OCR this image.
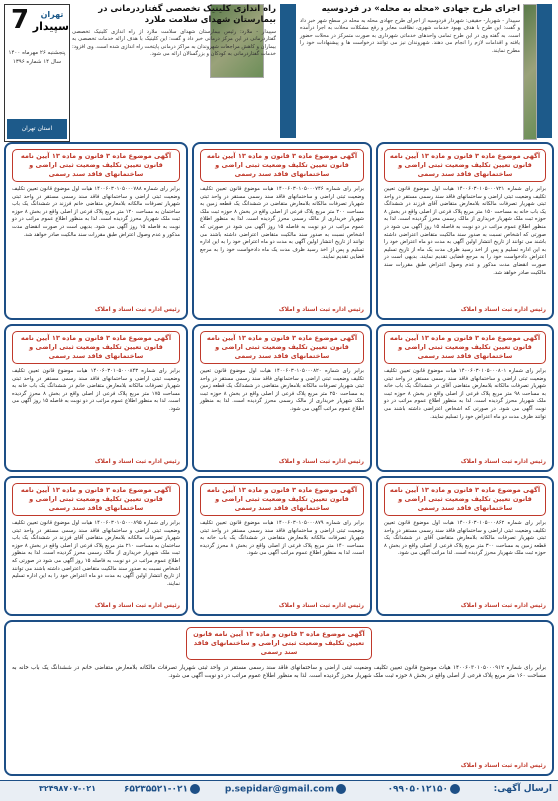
7	تهران
سپیدار
پنجشنبه ۲۶ مهرماه ۱۴۰۰
سال ۱۴ شماره ۱۳۹۶
استان تهران
راه اندازی کلینیک تخصصی گفتاردرمانی در بیمارستان شهدای سلامت ملارد
سپیدار - ملارد: رئیس بیمارستان شهدای سلامت ملارد از راه اندازی کلینیک تخصصی گفتاردرمانی در این مرکز درمانی خبر داد و گفت: این کلینیک با هدف ارائه خدمات تخصصی به بیماران و کاهش مراجعات شهروندان به مراکز درمانی پایتخت راه اندازی شده است. وی افزود: خدمات گفتاردرمانی به کودکان و بزرگسالان ارائه می شود.
اجرای طرح جهادی «محله به محله» در فردوسیه
سپیدار - شهریار- حقیقی: شهردار فردوسیه از اجرای طرح جهادی محله به محله در سطح شهر خبر داد و گفت: این طرح با هدف بهبود خدمات شهری، نظافت معابر و رفع مشکلات محلات به اجرا درآمده است. به گفته وی در این طرح تمامی واحدهای خدماتی شهرداری به صورت متمرکز در محلات حضور یافته و اقدامات لازم را انجام می دهند. شهروندان نیز می توانند درخواست ها و پیشنهادات خود را مطرح نمایند.
آگهی موضوع ماده ۳ قانون و ماده ۱۳ آیین نامه قانون تعیین تکلیف وضعیت ثبتی اراضی و ساختمانهای فاقد سند رسمی
برابر رای شماره ۱۴۰۰۶۰۳۰۱۰۵۰۰۰۷۲۱ هیات اول موضوع قانون تعیین تکلیف وضعیت ثبتی اراضی و ساختمانهای فاقد سند رسمی مستقر در واحد ثبتی شهریار تصرفات مالکانه بلامعارض متقاضی آقای فرزند در ششدانگ یک باب خانه به مساحت ۱۵۰ متر مربع پلاک فرعی از اصلی واقع در بخش ۸ حوزه ثبت ملک شهریار خریداری از مالک رسمی محرز گردیده است. لذا به منظور اطلاع عموم مراتب در دو نوبت به فاصله ۱۵ روز آگهی می شود در صورتی که اشخاص نسبت به صدور سند مالکیت متقاضی اعتراضی داشته باشند می توانند از تاریخ انتشار اولین آگهی به مدت دو ماه اعتراض خود را به این اداره تسلیم و پس از اخذ رسید ظرف مدت یک ماه از تاریخ تسلیم اعتراض دادخواست خود را به مرجع قضایی تقدیم نمایند. بدیهی است در صورت انقضای مدت مذکور و عدم وصول اعتراض طبق مقررات سند مالکیت صادر خواهد شد.
رئیس اداره ثبت اسناد و املاک
آگهی موضوع ماده ۳ قانون و ماده ۱۳ آیین نامه قانون تعیین تکلیف وضعیت ثبتی اراضی و ساختمانهای فاقد سند رسمی
برابر رای شماره ۱۴۰۰۶۰۳۰۱۰۵۰۰۰۷۴۶ هیات موضوع قانون تعیین تکلیف وضعیت ثبتی اراضی و ساختمانهای فاقد سند رسمی مستقر در واحد ثبتی شهریار تصرفات مالکانه بلامعارض متقاضی در ششدانگ یک قطعه زمین به مساحت ۲۰۰ متر مربع پلاک فرعی از اصلی واقع در بخش ۸ حوزه ثبت ملک شهریار خریداری از مالک رسمی محرز گردیده است. لذا به منظور اطلاع عموم مراتب در دو نوبت به فاصله ۱۵ روز آگهی می شود در صورتی که اشخاص نسبت به صدور سند مالکیت متقاضی اعتراضی داشته باشند می توانند از تاریخ انتشار اولین آگهی به مدت دو ماه اعتراض خود را به این اداره تسلیم و پس از اخذ رسید ظرف مدت یک ماه دادخواست خود را به مرجع قضایی تقدیم نمایند.
رئیس اداره ثبت اسناد و املاک
آگهی موضوع ماده ۳ قانون و ماده ۱۳ آیین نامه قانون تعیین تکلیف وضعیت ثبتی اراضی و ساختمانهای فاقد سند رسمی
برابر رای شماره ۱۴۰۰۶۰۳۰۱۰۵۰۰۰۷۸۸ هیات اول موضوع قانون تعیین تکلیف وضعیت ثبتی اراضی و ساختمانهای فاقد سند رسمی مستقر در واحد ثبتی شهریار تصرفات مالکانه بلامعارض متقاضی خانم فرزند در ششدانگ یک باب ساختمان به مساحت ۱۲۰ متر مربع پلاک فرعی از اصلی واقع در بخش ۸ حوزه ثبت ملک شهریار محرز گردیده است. لذا به منظور اطلاع عموم مراتب در دو نوبت به فاصله ۱۵ روز آگهی می شود. بدیهی است در صورت انقضای مدت مذکور و عدم وصول اعتراض طبق مقررات سند مالکیت صادر خواهد شد.
رئیس اداره ثبت اسناد و املاک
آگهی موضوع ماده ۳ قانون و ماده ۱۳ آیین نامه قانون تعیین تکلیف وضعیت ثبتی اراضی و ساختمانهای فاقد سند رسمی
برابر رای شماره ۱۴۰۰۶۰۳۰۱۰۵۰۰۰۸۰۱ هیات موضوع قانون تعیین تکلیف وضعیت ثبتی اراضی و ساختمانهای فاقد سند رسمی مستقر در واحد ثبتی شهریار تصرفات مالکانه بلامعارض متقاضی آقای در ششدانگ یک باب خانه به مساحت ۹۸ متر مربع پلاک فرعی از اصلی واقع در بخش ۸ حوزه ثبت ملک شهریار محرز گردیده است. لذا به منظور اطلاع عموم مراتب در دو نوبت آگهی می شود. در صورتی که اشخاص اعتراضی داشته باشند می توانند ظرف مدت دو ماه اعتراض خود را تسلیم نمایند.
رئیس اداره ثبت اسناد و املاک
آگهی موضوع ماده ۳ قانون و ماده ۱۳ آیین نامه قانون تعیین تکلیف وضعیت ثبتی اراضی و ساختمانهای فاقد سند رسمی
برابر رای شماره ۱۴۰۰۶۰۳۰۱۰۵۰۰۰۸۲۰ هیات اول موضوع قانون تعیین تکلیف وضعیت ثبتی اراضی و ساختمانهای فاقد سند رسمی مستقر در واحد ثبتی شهریار تصرفات مالکانه بلامعارض متقاضی در ششدانگ یک قطعه زمین به مساحت ۲۵۰ متر مربع پلاک فرعی از اصلی واقع در بخش ۸ حوزه ثبت ملک شهریار خریداری از مالک رسمی محرز گردیده است. لذا به منظور اطلاع عموم مراتب آگهی می شود.
رئیس اداره ثبت اسناد و املاک
آگهی موضوع ماده ۳ قانون و ماده ۱۳ آیین نامه قانون تعیین تکلیف وضعیت ثبتی اراضی و ساختمانهای فاقد سند رسمی
برابر رای شماره ۱۴۰۰۶۰۳۰۱۰۵۰۰۰۸۴۳ هیات موضوع قانون تعیین تکلیف وضعیت ثبتی اراضی و ساختمانهای فاقد سند رسمی مستقر در واحد ثبتی شهریار تصرفات مالکانه بلامعارض متقاضی خانم در ششدانگ یک باب خانه به مساحت ۱۷۵ متر مربع پلاک فرعی از اصلی واقع در بخش ۸ محرز گردیده است. لذا به منظور اطلاع عموم مراتب در دو نوبت به فاصله ۱۵ روز آگهی می شود.
رئیس اداره ثبت اسناد و املاک
آگهی موضوع ماده ۳ قانون و ماده ۱۳ آیین نامه قانون تعیین تکلیف وضعیت ثبتی اراضی و ساختمانهای فاقد سند رسمی
برابر رای شماره ۱۴۰۰۶۰۳۰۱۰۵۰۰۰۸۶۲ هیات اول موضوع قانون تعیین تکلیف وضعیت ثبتی اراضی و ساختمانهای فاقد سند رسمی مستقر در واحد ثبتی شهریار تصرفات مالکانه بلامعارض متقاضی آقای در ششدانگ یک قطعه زمین به مساحت ۳۰۰ متر مربع پلاک فرعی از اصلی واقع در بخش ۸ حوزه ثبت ملک شهریار محرز گردیده است. لذا مراتب آگهی می شود.
رئیس اداره ثبت اسناد و املاک
آگهی موضوع ماده ۳ قانون و ماده ۱۳ آیین نامه قانون تعیین تکلیف وضعیت ثبتی اراضی و ساختمانهای فاقد سند رسمی
برابر رای شماره ۱۴۰۰۶۰۳۰۱۰۵۰۰۰۸۷۹ هیات موضوع قانون تعیین تکلیف وضعیت ثبتی اراضی و ساختمانهای فاقد سند رسمی مستقر در واحد ثبتی شهریار تصرفات مالکانه بلامعارض متقاضی در ششدانگ یک باب خانه به مساحت ۱۴۰ متر مربع پلاک فرعی از اصلی واقع در بخش ۸ محرز گردیده است. لذا به منظور اطلاع عموم مراتب آگهی می شود.
رئیس اداره ثبت اسناد و املاک
آگهی موضوع ماده ۳ قانون و ماده ۱۳ آیین نامه قانون تعیین تکلیف وضعیت ثبتی اراضی و ساختمانهای فاقد سند رسمی
برابر رای شماره ۱۴۰۰۶۰۳۰۱۰۵۰۰۰۸۹۵ هیات اول موضوع قانون تعیین تکلیف وضعیت ثبتی اراضی و ساختمانهای فاقد سند رسمی مستقر در واحد ثبتی شهریار تصرفات مالکانه بلامعارض متقاضی آقای فرزند در ششدانگ یک باب ساختمان به مساحت ۲۱۰ متر مربع پلاک فرعی از اصلی واقع در بخش ۸ حوزه ثبت ملک شهریار خریداری از مالک رسمی محرز گردیده است. لذا به منظور اطلاع عموم مراتب در دو نوبت به فاصله ۱۵ روز آگهی می شود در صورتی که اشخاص نسبت به صدور سند مالکیت متقاضی اعتراضی داشته باشند می توانند از تاریخ انتشار اولین آگهی به مدت دو ماه اعتراض خود را به این اداره تسلیم نمایند.
رئیس اداره ثبت اسناد و املاک
آگهی موضوع ماده ۳ قانون و ماده ۱۳ آیین نامه قانون تعیین تکلیف وضعیت ثبتی اراضی و ساختمانهای فاقد سند رسمی
برابر رای شماره ۱۴۰۰۶۰۳۰۱۰۵۰۰۰۹۱۲ هیات موضوع قانون تعیین تکلیف وضعیت ثبتی اراضی و ساختمانهای فاقد سند رسمی مستقر در واحد ثبتی شهریار تصرفات مالکانه بلامعارض متقاضی خانم در ششدانگ یک باب خانه به مساحت ۱۶۰ متر مربع پلاک فرعی از اصلی واقع در بخش ۸ حوزه ثبت ملک شهریار محرز گردیده است. لذا به منظور اطلاع عموم مراتب در دو نوبت آگهی می شود.
رئیس اداره ثبت اسناد و املاک
ارسال آگهی:
۰۹۹۰۵۰۱۲۱۵۰
p.sepidar@gmail.com
۶۵۲۳۵۵۲۱-۰۲۱
۳۲۴۹۸۷۰۷-۰۲۱
